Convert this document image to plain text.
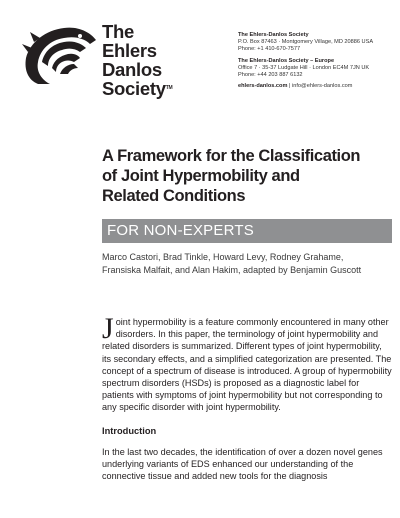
The
Ehlers
Danlos
Society™
The Ehlers-Danlos Society
P.O. Box 87463 · Montgomery Village, MD 20886 USA
Phone: +1 410-670-7577
The Ehlers-Danlos Society – Europe
Office 7 · 35-37 Ludgate Hill · London EC4M 7JN UK
Phone: +44 203 887 6132
ehlers-danlos.com | info@ehlers-danlos.com
A Framework for the Classification
of Joint Hypermobility and
Related Conditions
FOR NON-EXPERTS
Marco Castori, Brad Tinkle, Howard Levy, Rodney Grahame,
Fransiska Malfait, and Alan Hakim, adapted by Benjamin Guscott
Joint hypermobility is a feature commonly encountered in many other disorders. In this paper, the terminology of joint hypermobility and related disorders is summarized. Different types of joint hypermobility, its secondary effects, and a simplified categorization are presented. The concept of a spectrum of disease is introduced. A group of hypermobility spectrum disorders (HSDs) is proposed as a diagnostic label for patients with symptoms of joint hypermobility but not corresponding to any specific disorder with joint hypermobility.
Introduction
In the last two decades, the identification of over a dozen novel genes underlying variants of EDS enhanced our understanding of the connective tissue and added new tools for the diagnosis
